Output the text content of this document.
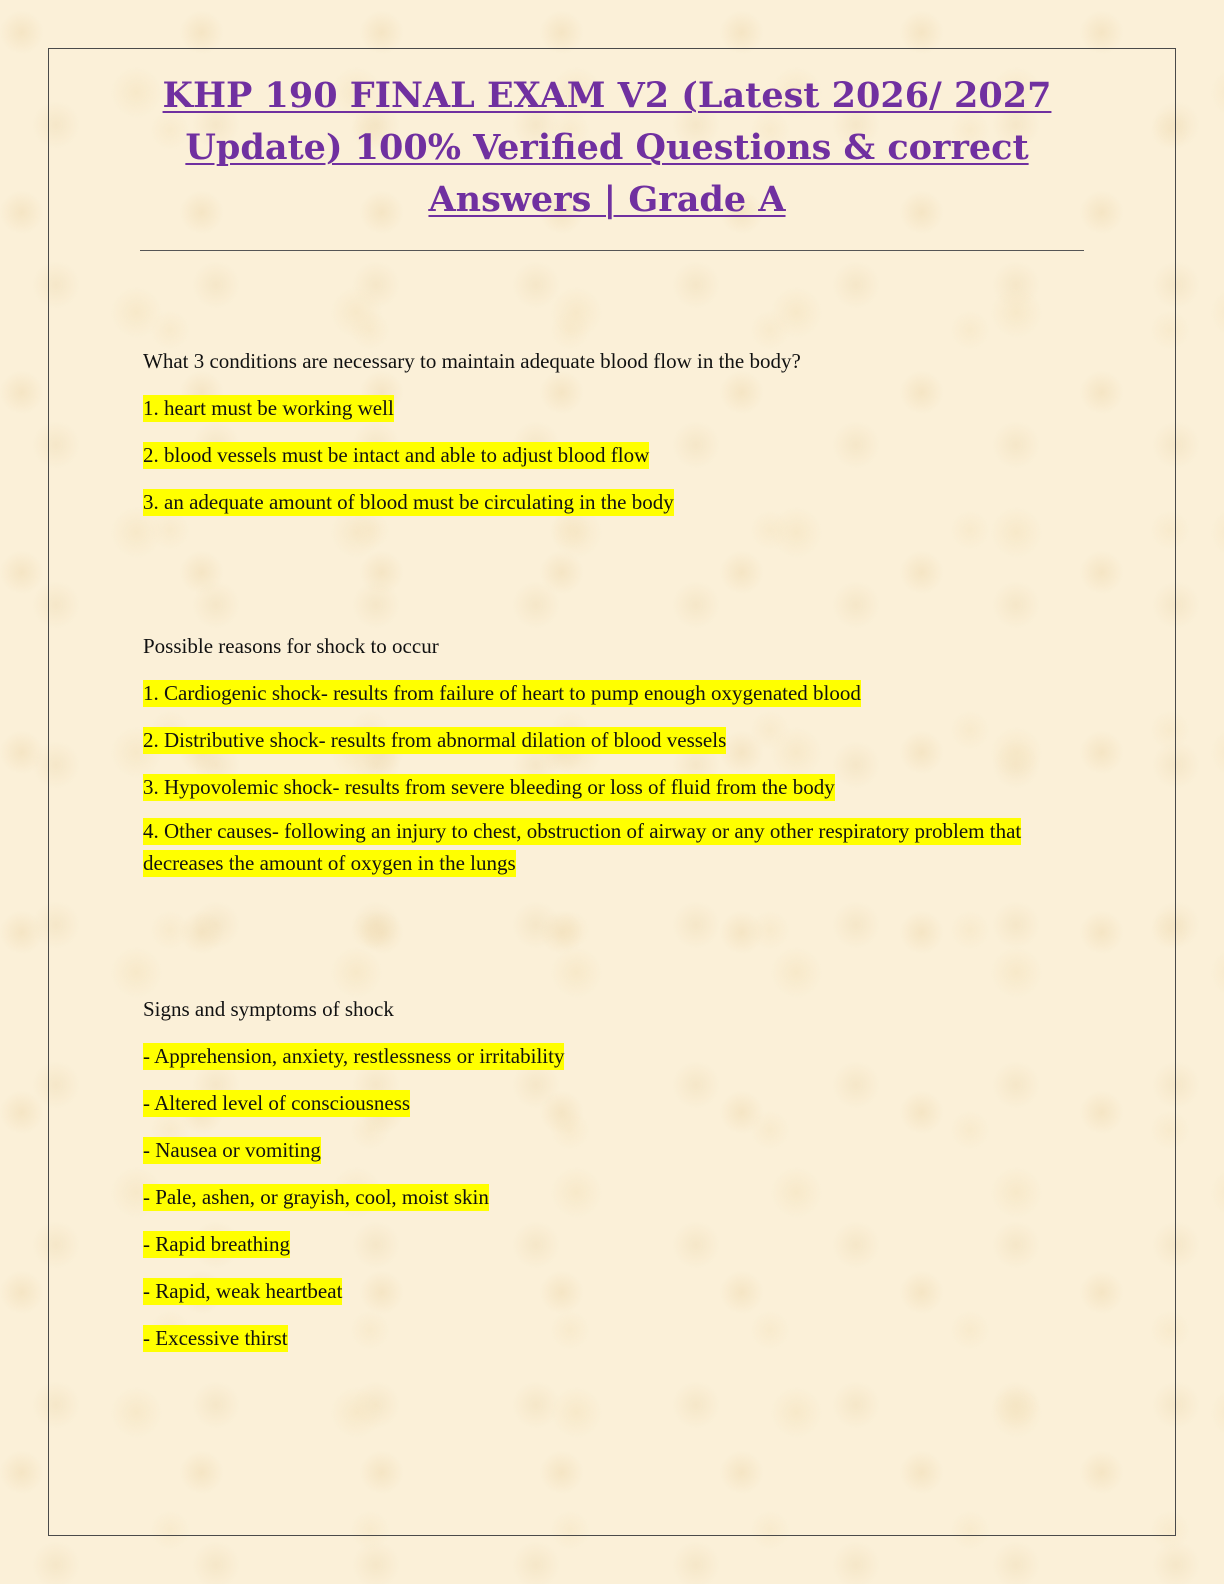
KHP 190 FINAL EXAM V2 (Latest 2026/ 2027 Update) 100% Verified Questions & correct Answers | Grade A

What 3 conditions are necessary to maintain adequate blood flow in the body?

1. heart must be working well

2. blood vessels must be intact and able to adjust blood flow

3. an adequate amount of blood must be circulating in the body

Possible reasons for shock to occur

1. Cardiogenic shock- results from failure of heart to pump enough oxygenated blood

2. Distributive shock- results from abnormal dilation of blood vessels

3. Hypovolemic shock- results from severe bleeding or loss of fluid from the body

4. Other causes- following an injury to chest, obstruction of airway or any other respiratory problem that decreases the amount of oxygen in the lungs

Signs and symptoms of shock

- Apprehension, anxiety, restlessness or irritability

- Altered level of consciousness

- Nausea or vomiting

- Pale, ashen, or grayish, cool, moist skin

- Rapid breathing

- Rapid, weak heartbeat

- Excessive thirst
